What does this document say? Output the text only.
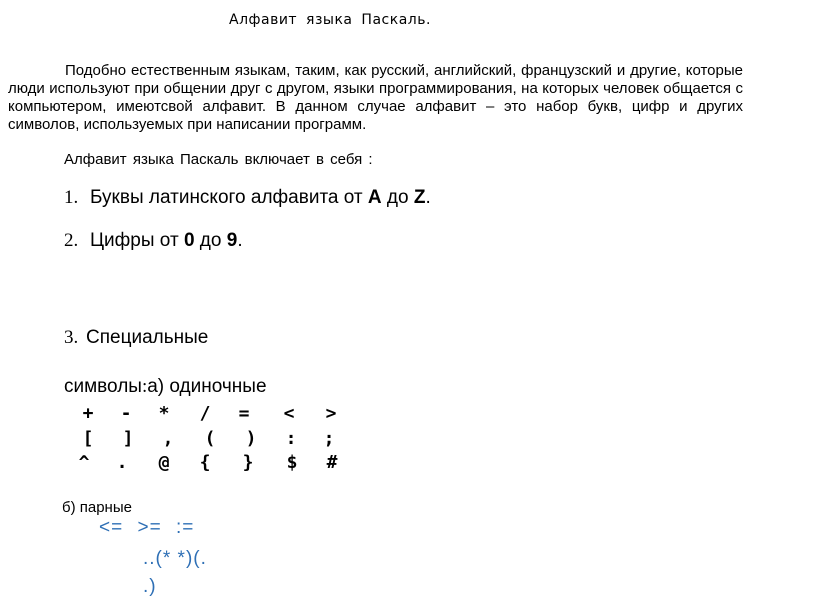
Алфавит языка Паскаль.
Подобно естественным языкам, таким, как русский, английский, французский и другие, которые люди используют при общении друг с другом, языки программирования, на которых человек общается с компьютером, имеютсвой алфавит. В данном случае алфавит – это набор букв, цифр и других символов, используемых при написании программ.
Алфавит языка Паскаль включает в себя :
1. Буквы латинского алфавита от A до Z.
2. Цифры от 0 до 9.
3. Специальные
символы:а) одиночные
+ - * / = < >
[ ] , ( ) : ;
^ . @ { } $ #
б) парные
<= >= :=
..(* *)(.
.)
